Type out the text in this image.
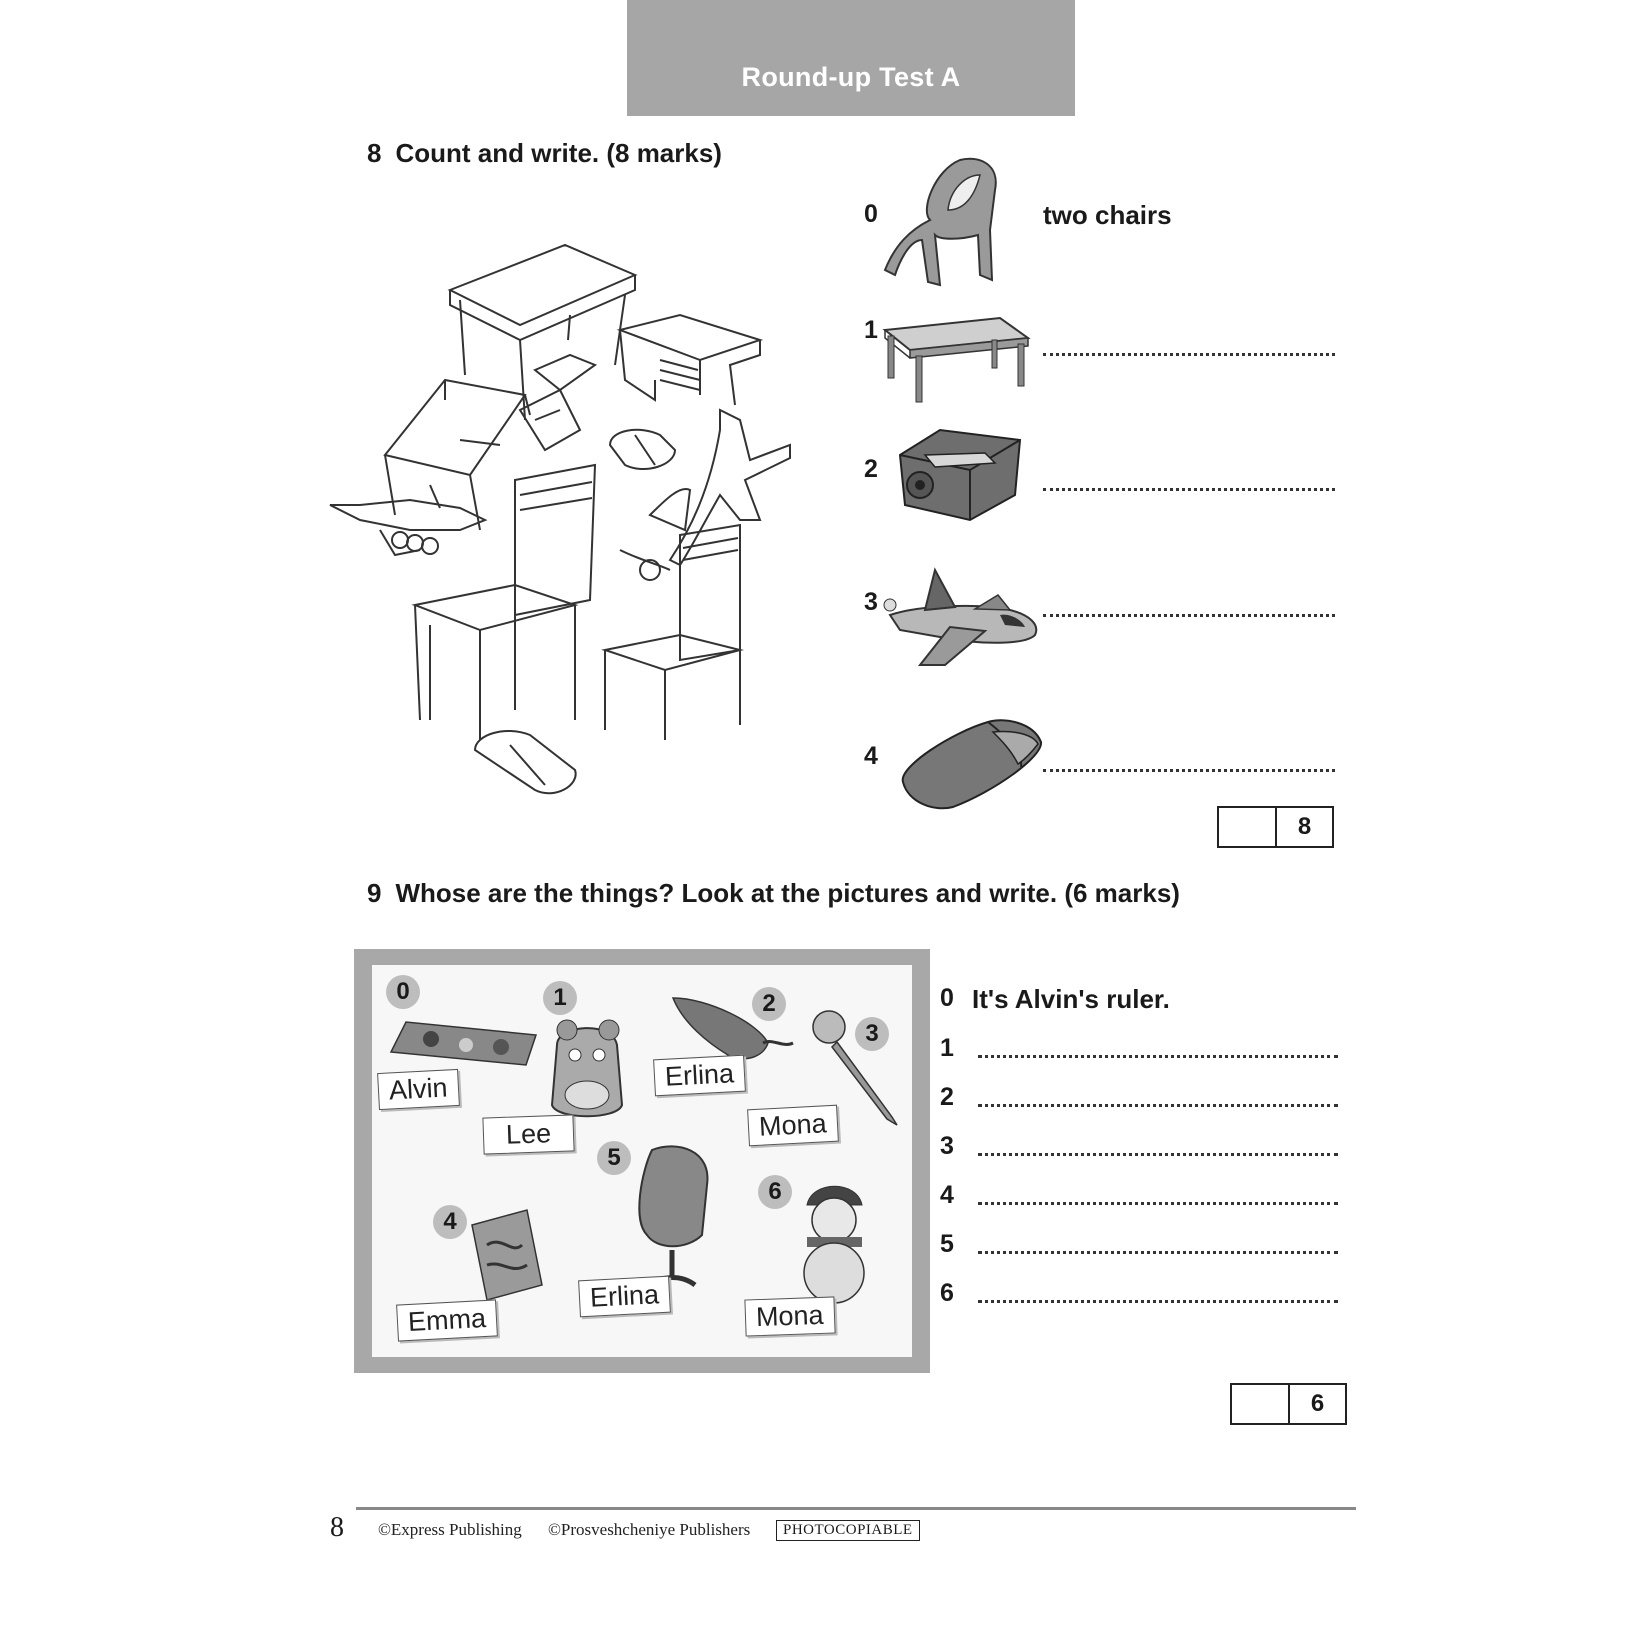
Round-up Test A
8 Count and write. (8 marks)
0	two chairs
1
2
3
4
8
9 Whose are the things? Look at the pictures and write. (6 marks)
0	1	2
3
4
5
6
Alvin
Lee
Erlina
Mona
Emma
Erlina
Mona
0 It's Alvin's ruler.
1
2
3
4
5
6
6
8 ©Express Publishing ©Prosveshcheniye Publishers	PHOTOCOPIABLE
